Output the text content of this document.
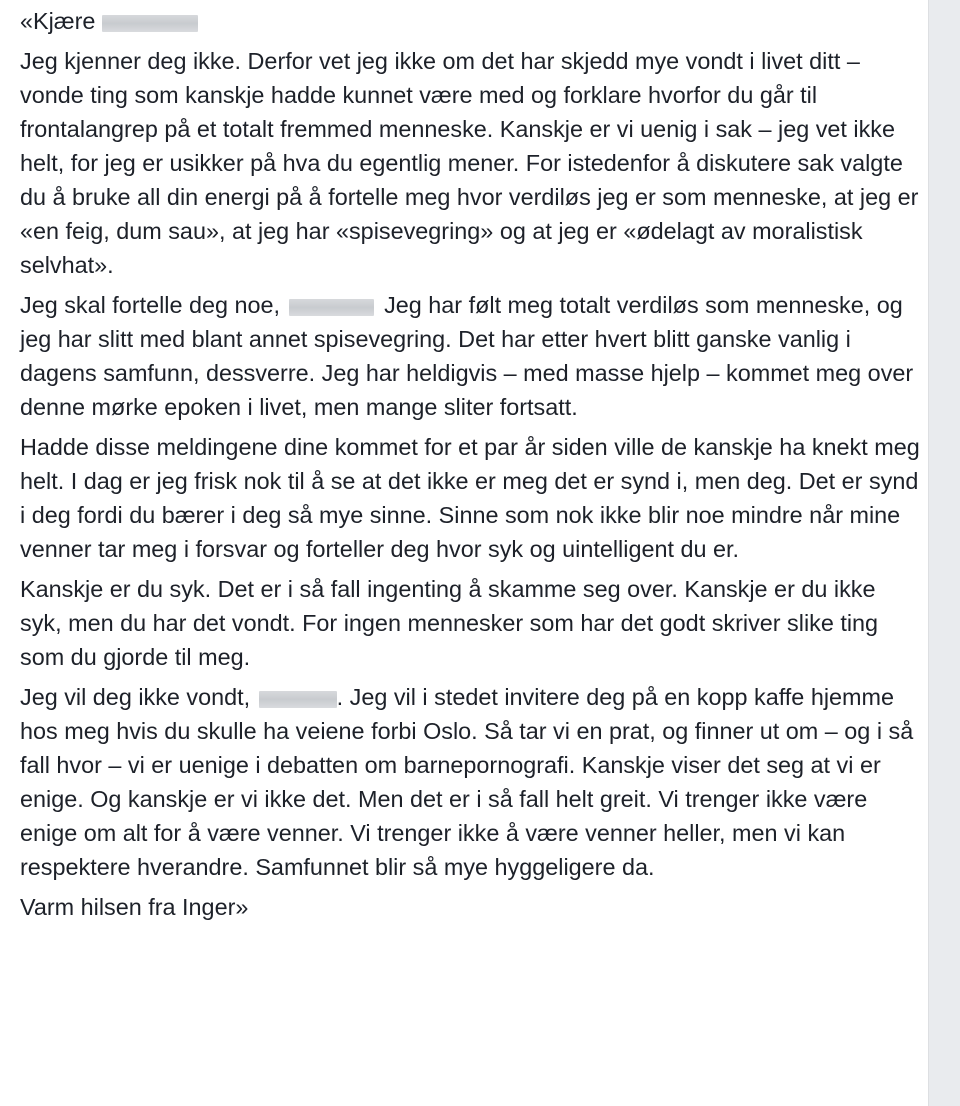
«Kjære

Jeg kjenner deg ikke. Derfor vet jeg ikke om det har skjedd mye vondt i livet ditt – vonde ting som kanskje hadde kunnet være med og forklare hvorfor du går til frontalangrep på et totalt fremmed menneske. Kanskje er vi uenig i sak – jeg vet ikke helt, for jeg er usikker på hva du egentlig mener. For istedenfor å diskutere sak valgte du å bruke all din energi på å fortelle meg hvor verdiløs jeg er som menneske, at jeg er «en feig, dum sau», at jeg har «spisevegring» og at jeg er «ødelagt av moralistisk selvhat».

Jeg skal fortelle deg noe,	Jeg har følt meg totalt verdiløs som menneske, og jeg har slitt med blant annet spisevegring. Det har etter hvert blitt ganske vanlig i dagens samfunn, dessverre. Jeg har heldigvis – med masse hjelp – kommet meg over denne mørke epoken i livet, men mange sliter fortsatt.

Hadde disse meldingene dine kommet for et par år siden ville de kanskje ha knekt meg helt. I dag er jeg frisk nok til å se at det ikke er meg det er synd i, men deg. Det er synd i deg fordi du bærer i deg så mye sinne. Sinne som nok ikke blir noe mindre når mine venner tar meg i forsvar og forteller deg hvor syk og uintelligent du er.

Kanskje er du syk. Det er i så fall ingenting å skamme seg over. Kanskje er du ikke syk, men du har det vondt. For ingen mennesker som har det godt skriver slike ting som du gjorde til meg.

Jeg vil deg ikke vondt,	. Jeg vil i stedet invitere deg på en kopp kaffe hjemme hos meg hvis du skulle ha veiene forbi Oslo. Så tar vi en prat, og finner ut om – og i så fall hvor – vi er uenige i debatten om barnepornografi. Kanskje viser det seg at vi er enige. Og kanskje er vi ikke det. Men det er i så fall helt greit. Vi trenger ikke være enige om alt for å være venner. Vi trenger ikke å være venner heller, men vi kan respektere hverandre. Samfunnet blir så mye hyggeligere da.

Varm hilsen fra Inger»
